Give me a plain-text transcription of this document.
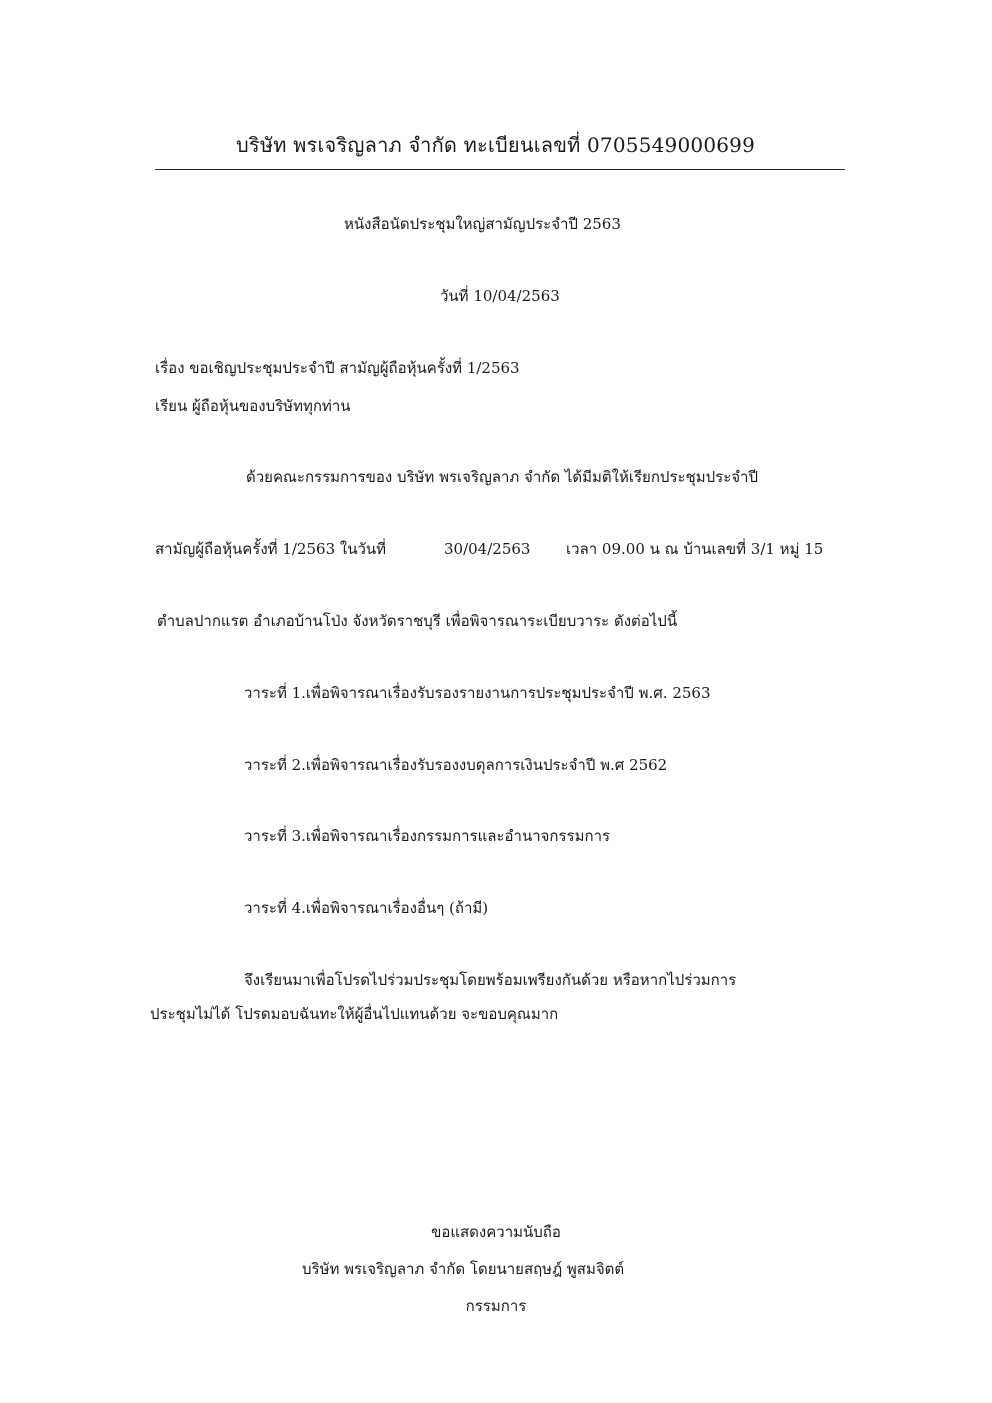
บริษัท พรเจริญลาภ จำกัด ทะเบียนเลขที่ 0705549000699
หนังสือนัดประชุมใหญ่สามัญประจำปี 2563
วันที่ 10/04/2563
เรื่อง ขอเชิญประชุมประจำปี สามัญผู้ถือหุ้นครั้งที่ 1/2563
เรียน ผู้ถือหุ้นของบริษัททุกท่าน
ด้วยคณะกรรมการของ บริษัท พรเจริญลาภ จำกัด ได้มีมติให้เรียกประชุมประจำปี
สามัญผู้ถือหุ้นครั้งที่ 1/2563 ในวันที่	30/04/2563 เวลา 09.00 น ณ บ้านเลขที่ 3/1 หมู่ 15
ตำบลปากแรต อำเภอบ้านโป่ง จังหวัดราชบุรี เพื่อพิจารณาระเบียบวาระ ดังต่อไปนี้
วาระที่ 1.เพื่อพิจารณาเรื่องรับรองรายงานการประชุมประจำปี พ.ศ. 2563
วาระที่ 2.เพื่อพิจารณาเรื่องรับรองงบดุลการเงินประจำปี พ.ศ 2562
วาระที่ 3.เพื่อพิจารณาเรื่องกรรมการและอำนาจกรรมการ
วาระที่ 4.เพื่อพิจารณาเรื่องอื่นๆ (ถ้ามี)
จึงเรียนมาเพื่อโปรดไปร่วมประชุมโดยพร้อมเพรียงกันด้วย หรือหากไปร่วมการ
ประชุมไม่ได้ โปรดมอบฉันทะให้ผู้อื่นไปแทนด้วย จะขอบคุณมาก
ขอแสดงความนับถือ
บริษัท พรเจริญลาภ จำกัด โดยนายสฤษฎ์ พูสมจิตต์
กรรมการ
